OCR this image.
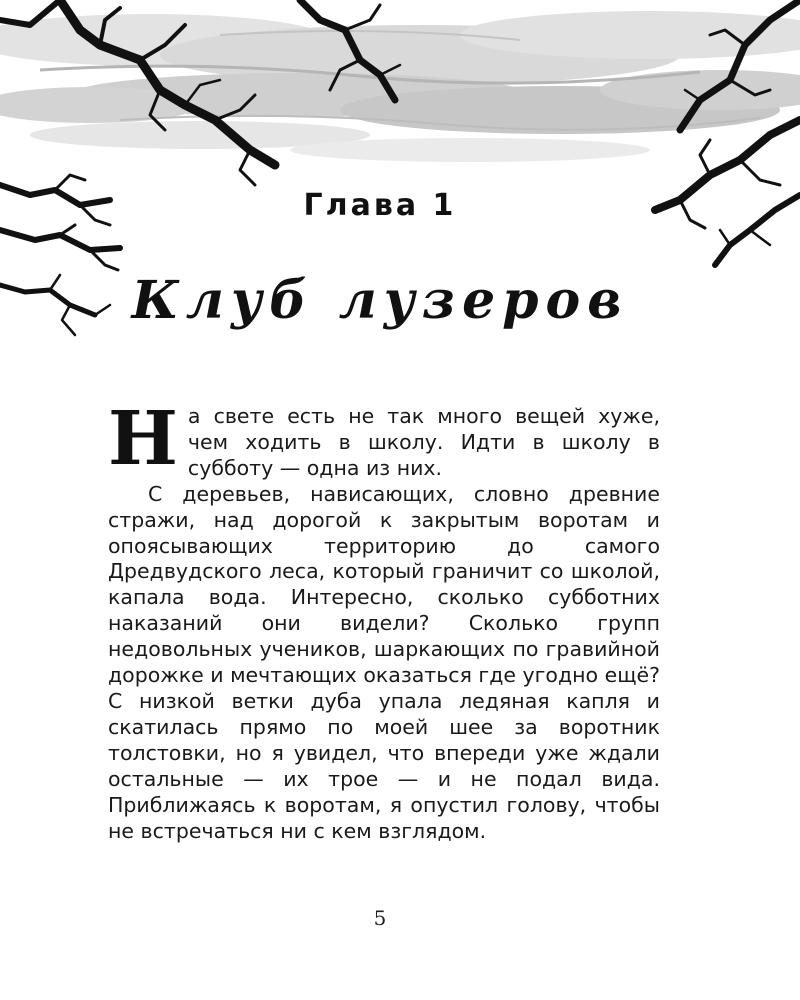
Глава 1
Клуб лузеров

На свете есть не так много вещей хуже, чем ходить в школу. Идти в школу в субботу — одна из них.

С деревьев, нависающих, словно древние стражи, над дорогой к закрытым воротам и опоясывающих территорию до самого Дредвудского леса, который граничит со школой, капала вода. Интересно, сколько субботних наказаний они видели? Сколько групп недовольных учеников, шаркающих по гравийной дорожке и мечтающих оказаться где угодно ещё? С низкой ветки дуба упала ледяная капля и скатилась прямо по моей шее за воротник толстовки, но я увидел, что впереди уже ждали остальные — их трое — и не подал вида. Приближаясь к воротам, я опустил голову, чтобы не встречаться ни с кем взглядом.

5
